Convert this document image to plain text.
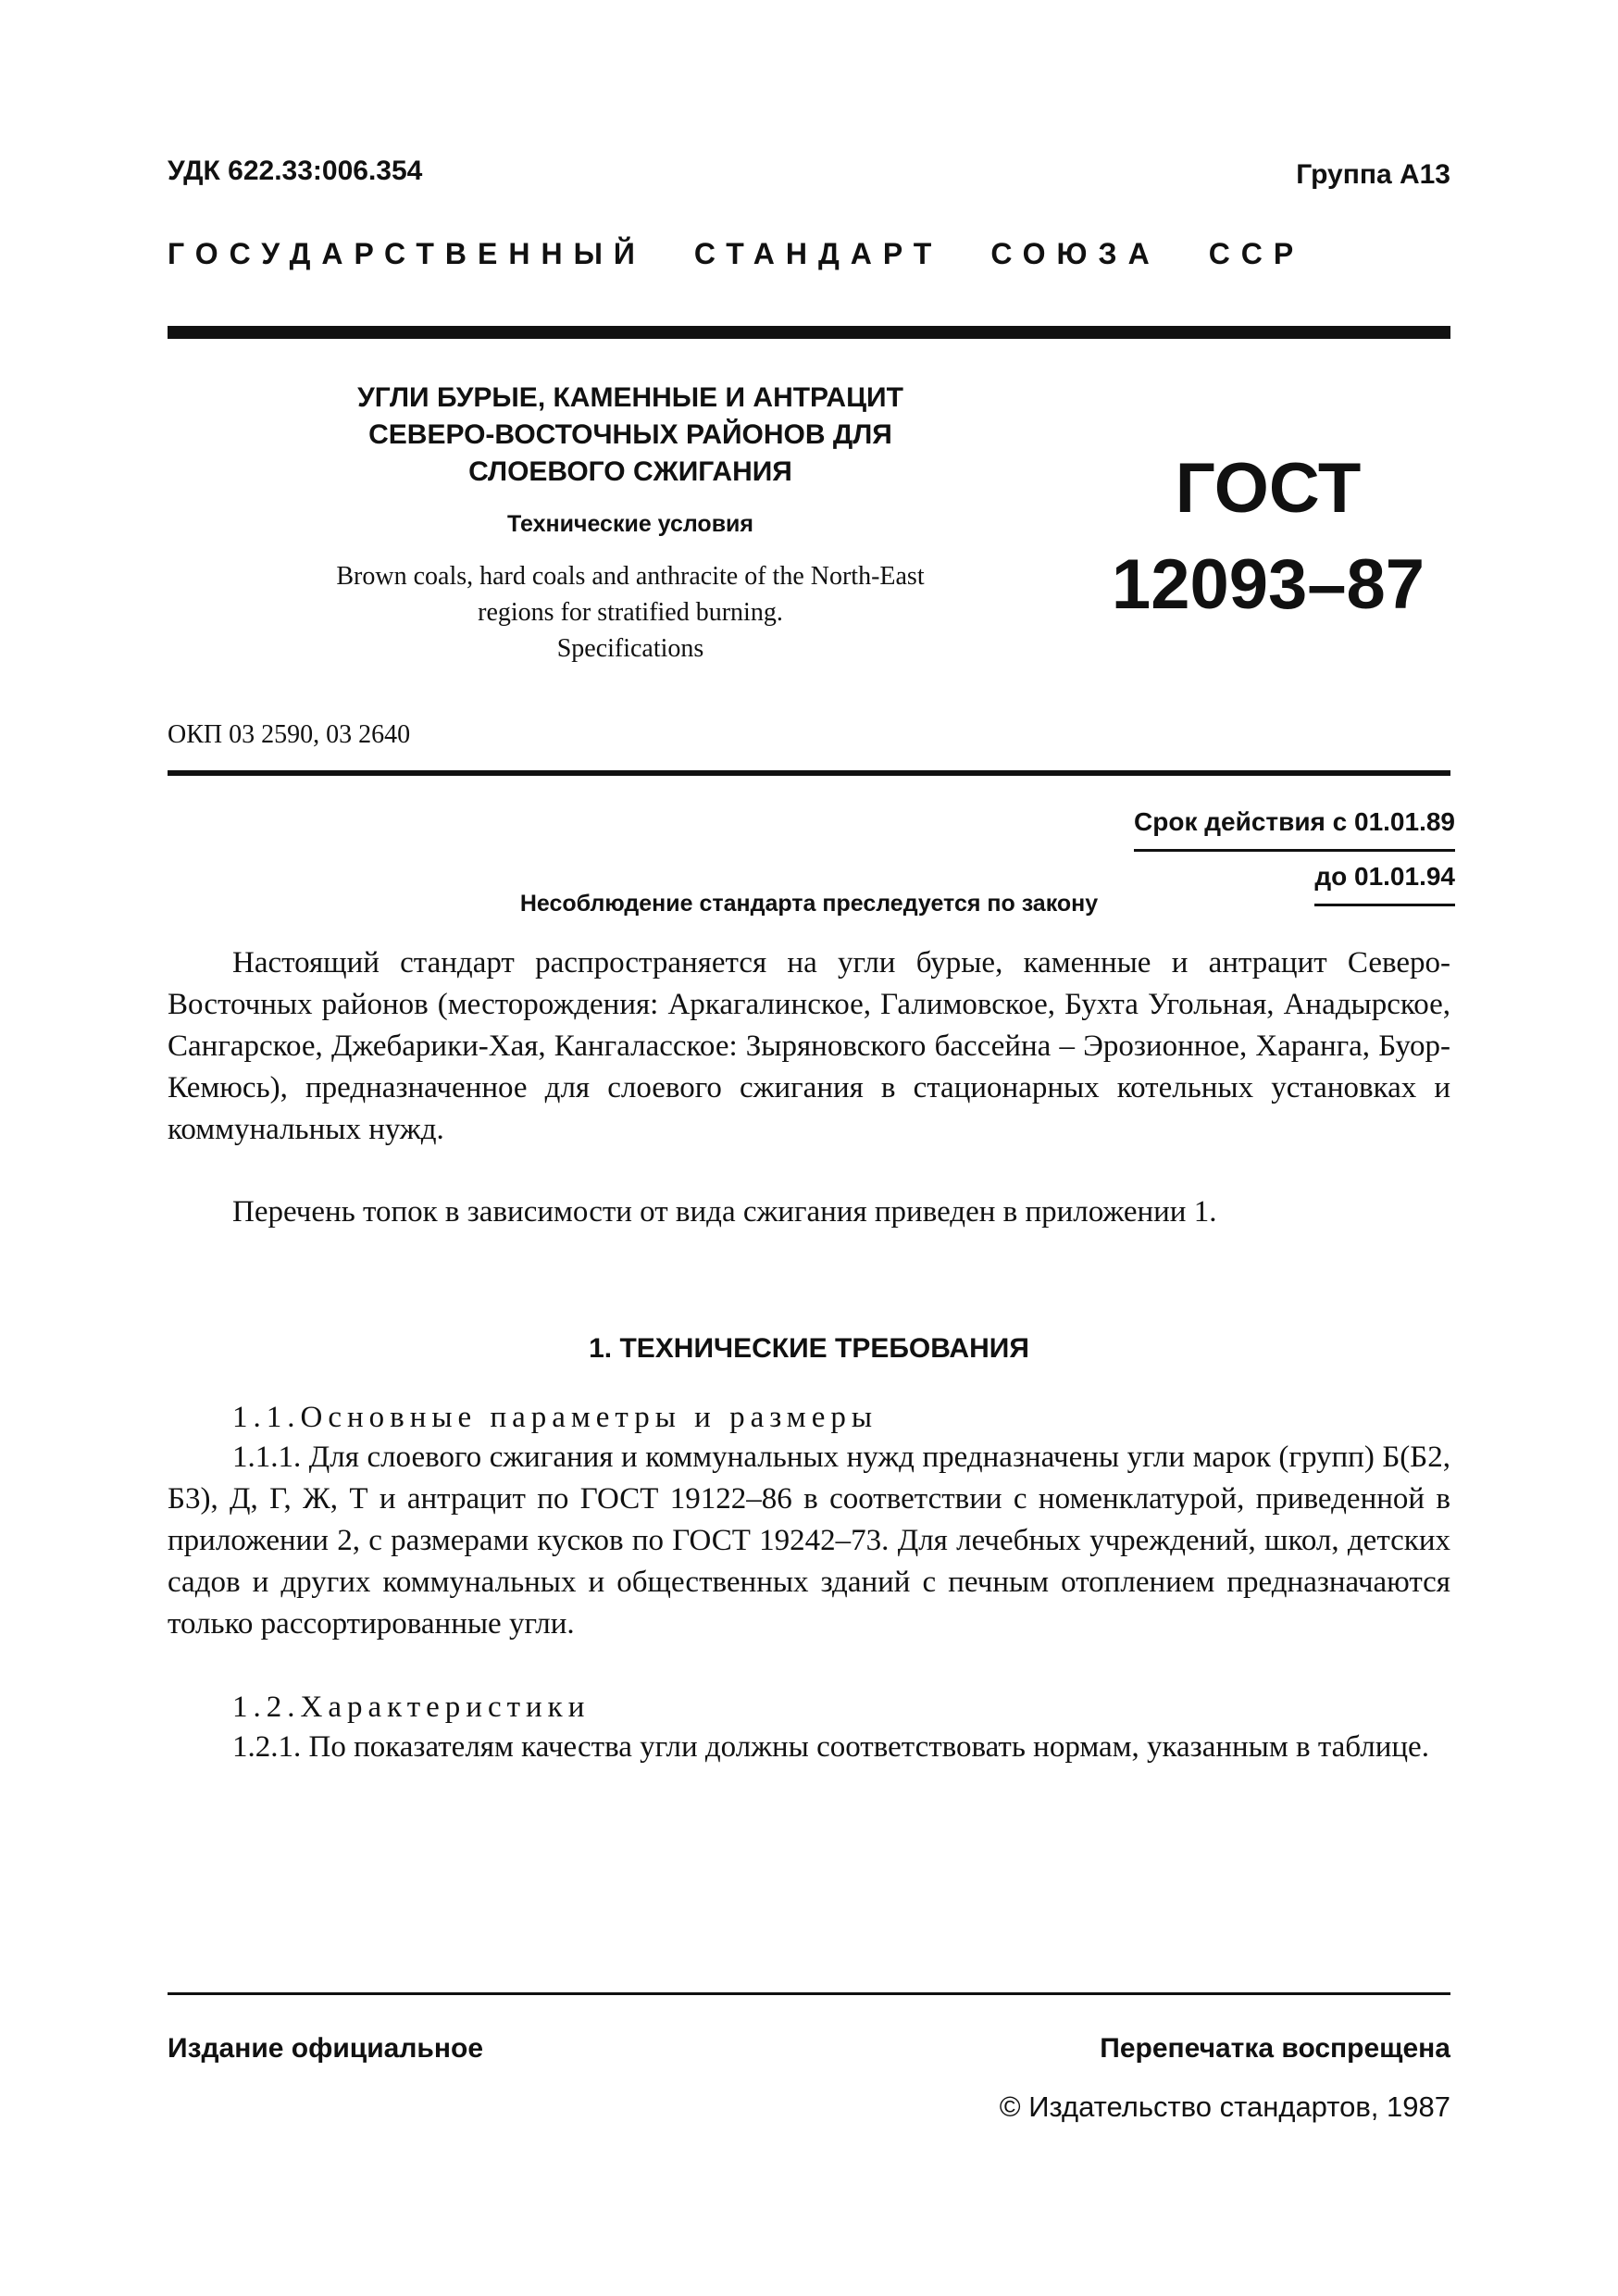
УДК 622.33:006.354	Группа А13
ГОСУДАРСТВЕННЫЙ СТАНДАРТ СОЮЗА ССР
УГЛИ БУРЫЕ, КАМЕННЫЕ И АНТРАЦИТ
СЕВЕРО-ВОСТОЧНЫХ РАЙОНОВ ДЛЯ
СЛОЕВОГО СЖИГАНИЯ
Технические условия
Brown coals, hard coals and anthracite of the North-East
regions for stratified burning.
Specifications
ГОСТ
12093–87
ОКП 03 2590, 03 2640
Срок действия с 01.01.89
до 01.01.94
Несоблюдение стандарта преследуется по закону
Настоящий стандарт распространяется на угли бурые, каменные и антрацит Северо-Восточных районов (месторождения: Аркагалинское, Галимовское, Бухта Угольная, Анадырское, Сангарское, Джебарики-Хая, Кангаласское: Зыряновского бассейна – Эрозионное, Харанга, Буор-Кемюсь), предназначенное для слоевого сжигания в стационарных котельных установках и коммунальных нужд.
Перечень топок в зависимости от вида сжигания приведен в приложении 1.
1. ТЕХНИЧЕСКИЕ ТРЕБОВАНИЯ
1.1.Основные параметры и размеры
1.1.1. Для слоевого сжигания и коммунальных нужд предназначены угли марок (групп) Б(Б2, Б3), Д, Г, Ж, Т и антрацит по ГОСТ 19122–86 в соответствии с номенклатурой, приведенной в приложении 2, с размерами кусков по ГОСТ 19242–73. Для лечебных учреждений, школ, детских садов и других коммунальных и общественных зданий с печным отоплением предназначаются только рассортированные угли.
1.2.Характеристики
1.2.1. По показателям качества угли должны соответствовать нормам, указанным в таблице.
Издание официальное	Перепечатка воспрещена
© Издательство стандартов, 1987
